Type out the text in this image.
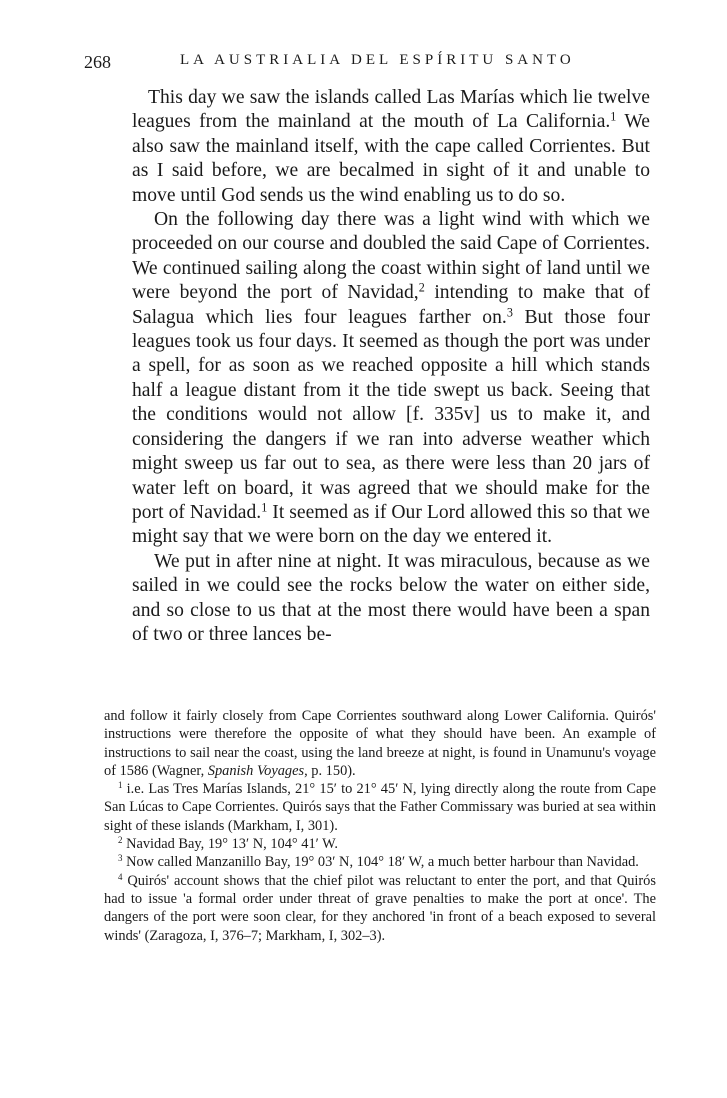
268	LA AUSTRIALIA DEL ESPÍRITU SANTO

This day we saw the islands called Las Marías which lie twelve leagues from the mainland at the mouth of La California.$^1$ We also saw the mainland itself, with the cape called Corrientes. But as I said before, we are becalmed in sight of it and unable to move until God sends us the wind enabling us to do so.

On the following day there was a light wind with which we proceeded on our course and doubled the said Cape of Corrientes. We continued sailing along the coast within sight of land until we were beyond the port of Navidad,$^2$ intending to make that of Salagua which lies four leagues farther on.$^3$ But those four leagues took us four days. It seemed as though the port was under a spell, for as soon as we reached opposite a hill which stands half a league distant from it the tide swept us back. Seeing that the conditions would not allow [f. 335v] us to make it, and considering the dangers if we ran into adverse weather which might sweep us far out to sea, as there were less than 20 jars of water left on board, it was agreed that we should make for the port of Navidad.$^1$ It seemed as if Our Lord allowed this so that we might say that we were born on the day we entered it.

We put in after nine at night. It was miraculous, because as we sailed in we could see the rocks below the water on either side, and so close to us that at the most there would have been a span of two or three lances be-

and follow it fairly closely from Cape Corrientes southward along Lower California. Quirós' instructions were therefore the opposite of what they should have been. An example of instructions to sail near the coast, using the land breeze at night, is found in Unamunu's voyage of 1586 (Wagner, Spanish Voyages, p. 150).

$^1$ i.e. Las Tres Marías Islands, 21° 15′ to 21° 45′ N, lying directly along the route from Cape San Lúcas to Cape Corrientes. Quirós says that the Father Commissary was buried at sea within sight of these islands (Markham, I, 301).

$^2$ Navidad Bay, 19° 13′ N, 104° 41′ W.

$^3$ Now called Manzanillo Bay, 19° 03′ N, 104° 18′ W, a much better harbour than Navidad.

$^4$ Quirós' account shows that the chief pilot was reluctant to enter the port, and that Quirós had to issue 'a formal order under threat of grave penalties to make the port at once'. The dangers of the port were soon clear, for they anchored 'in front of a beach exposed to several winds' (Zaragoza, I, 376–7; Markham, I, 302–3).
